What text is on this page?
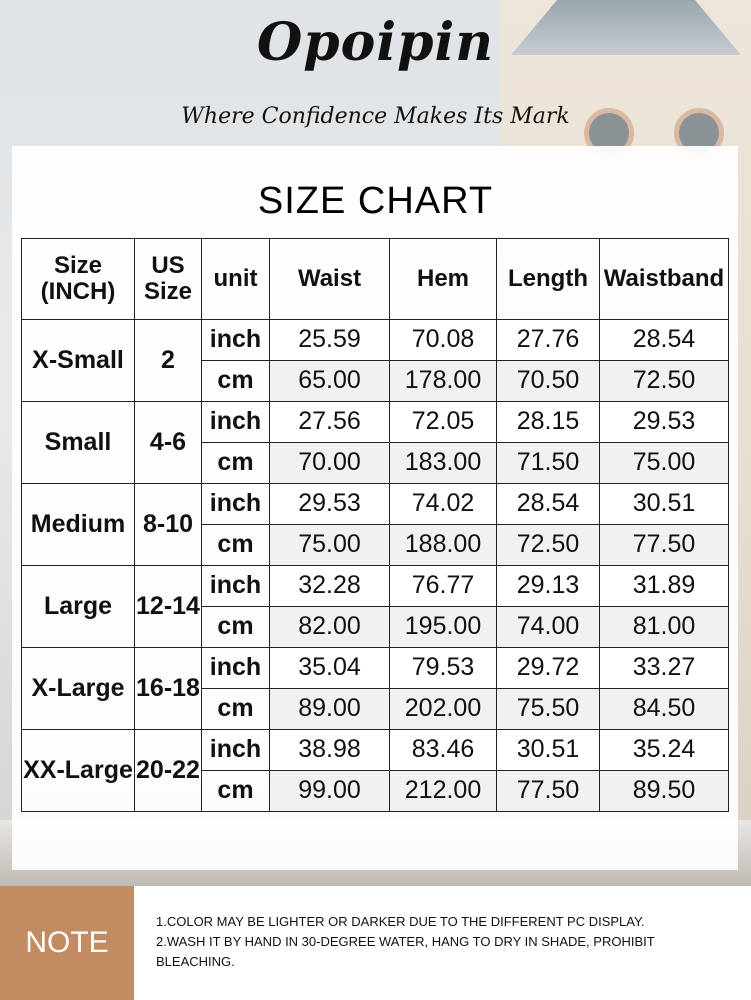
Opoipin
Where Confidence Makes Its Mark
SIZE CHART
Size (INCH)	US Size	unit	Waist	Hem	Length	Waistband
X-Small	2	inch	25.59	70.08	27.76	28.54
		cm	65.00	178.00	70.50	72.50
Small	4-6	inch	27.56	72.05	28.15	29.53
		cm	70.00	183.00	71.50	75.00
Medium	8-10	inch	29.53	74.02	28.54	30.51
		cm	75.00	188.00	72.50	77.50
Large	12-14	inch	32.28	76.77	29.13	31.89
		cm	82.00	195.00	74.00	81.00
X-Large	16-18	inch	35.04	79.53	29.72	33.27
		cm	89.00	202.00	75.50	84.50
XX-Large	20-22	inch	38.98	83.46	30.51	35.24
		cm	99.00	212.00	77.50	89.50
NOTE
1.COLOR MAY BE LIGHTER OR DARKER DUE TO THE DIFFERENT PC DISPLAY.
2.WASH IT BY HAND IN 30-DEGREE WATER, HANG TO DRY IN SHADE, PROHIBIT
BLEACHING.
